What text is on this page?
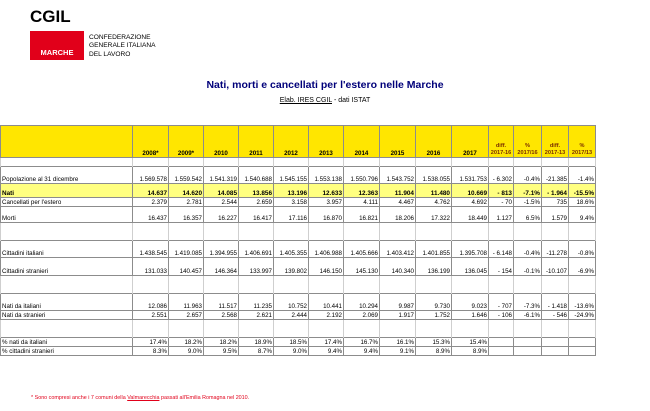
CGIL
MARCHE
CONFEDERAZIONE
GENERALE ITALIANA
DEL LAVORO
Nati, morti e cancellati per l'estero nelle Marche
Elab. IRES CGIL - dati ISTAT
0	2008*	2009*	2010	2011	2012	2013	2014	2015	2016	2017	diff. 2017-16	% 2017/16	diff. 2017-13	% 2017/13

Popolazione al 31 dicembre	1.569.578	1.559.542	1.541.319	1.540.688	1.545.155	1.553.138	1.550.796	1.543.752	1.538.055	1.531.753	- 6.302	-0.4%	-21.385	-1.4%
Nati	14.637	14.620	14.085	13.856	13.196	12.633	12.363	11.904	11.480	10.669	- 813	-7.1%	- 1.964	-15.5%
Cancellati per l'estero	2.379	2.781	2.544	2.659	3.158	3.957	4.111	4.467	4.762	4.692	- 70	-1.5%	735	18.6%
Morti	16.437	16.357	16.227	16.417	17.116	16.870	16.821	18.206	17.322	18.449	1.127	6.5%	1.579	9.4%

Cittadini italiani	1.438.545	1.419.085	1.394.955	1.406.691	1.405.355	1.406.988	1.405.666	1.403.412	1.401.855	1.395.708	- 6.148	-0.4%	-11.278	-0.8%
Cittadini stranieri	131.033	140.457	146.364	133.997	139.802	146.150	145.130	140.340	136.199	136.045	- 154	-0.1%	-10.107	-6.9%

Nati da italiani	12.086	11.963	11.517	11.235	10.752	10.441	10.294	9.987	9.730	9.023	- 707	-7.3%	- 1.418	-13.6%
Nati da stranieri	2.551	2.657	2.568	2.621	2.444	2.192	2.069	1.917	1.752	1.646	- 106	-6.1%	- 546	-24.9%

% nati da italiani	17.4%	18.2%	18.2%	18.9%	18.5%	17.4%	16.7%	16.1%	15.3%	15.4%				
% cittadini stranieri	8.3%	9.0%	9.5%	8.7%	9.0%	9.4%	9.4%	9.1%	8.9%	8.9%				
* Sono compresi anche i 7 comuni della Valmarecchia passati all'Emilia Romagna nel 2010.
